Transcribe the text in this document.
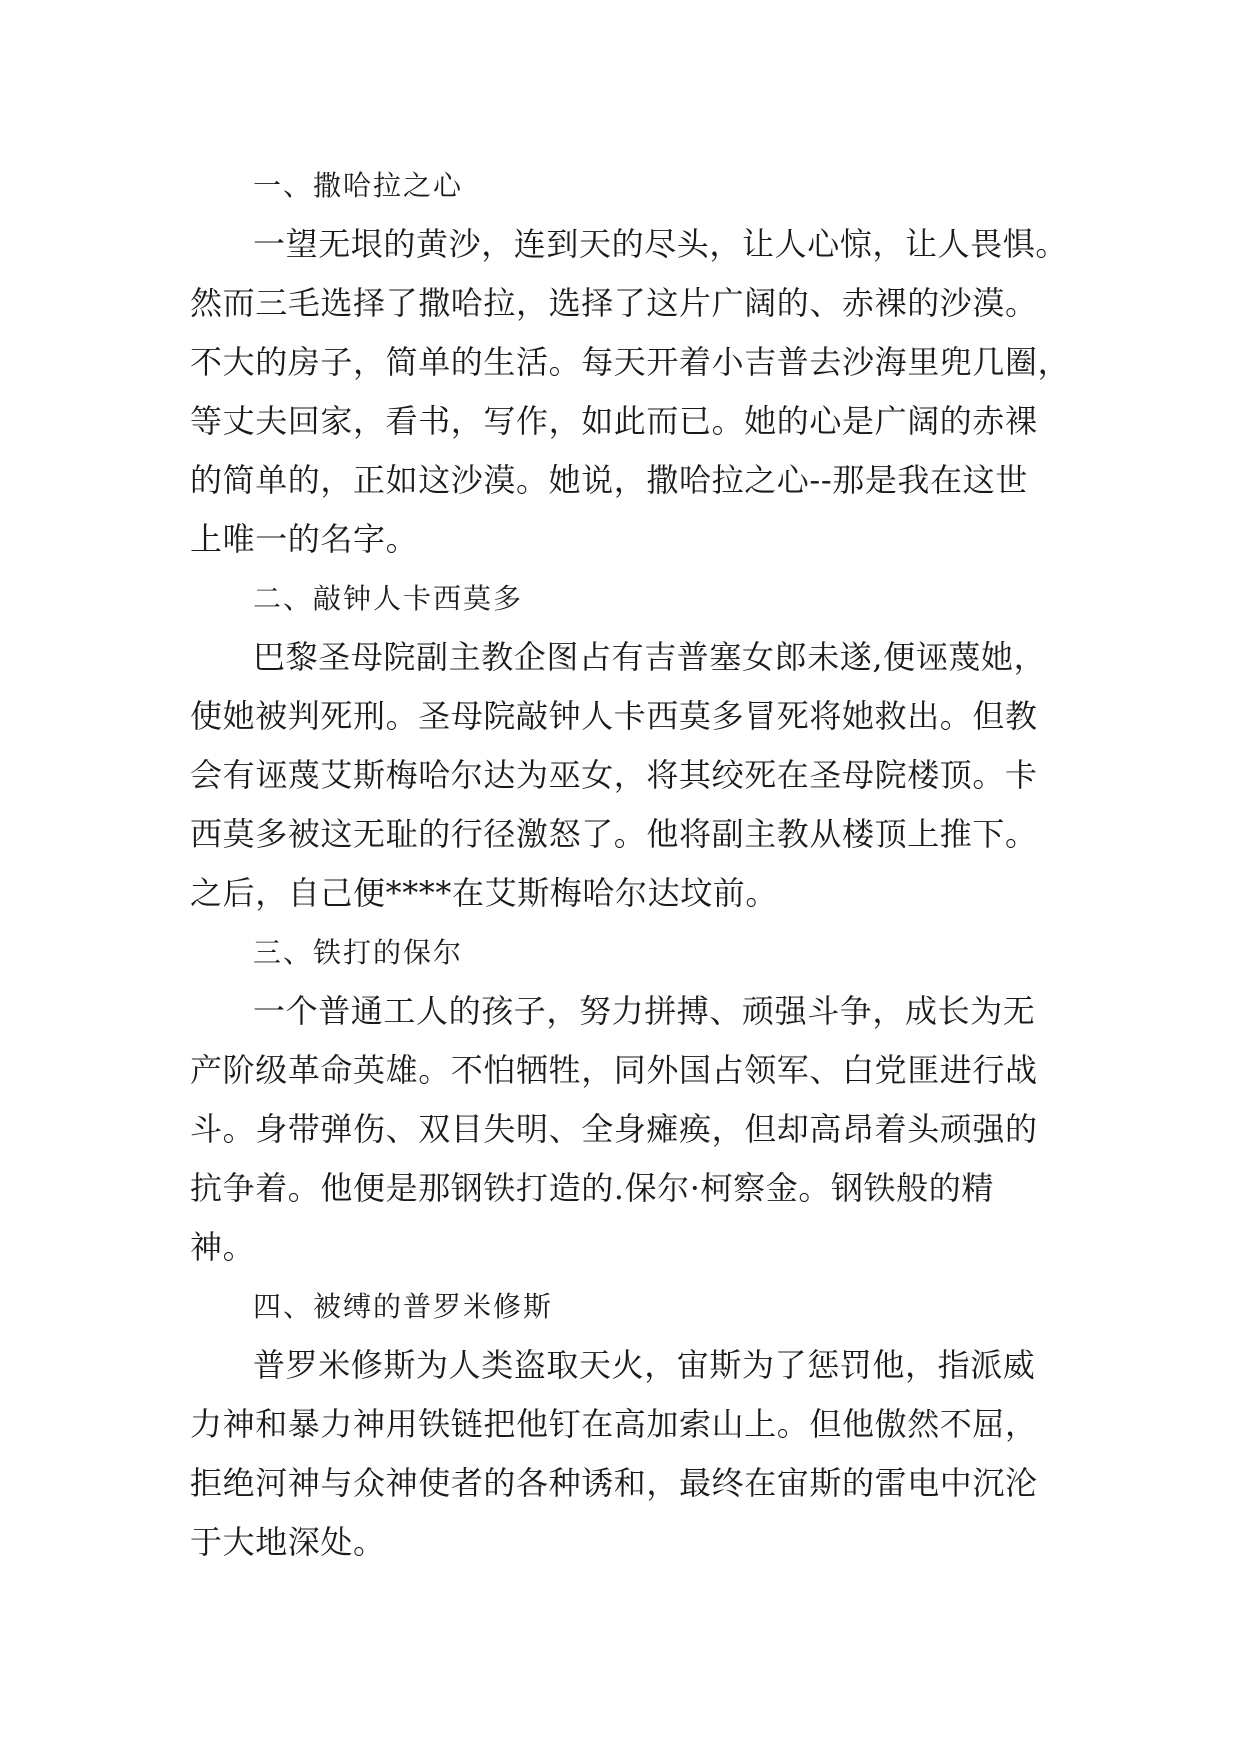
一、撒哈拉之心
一望无垠的黄沙，连到天的尽头，让人心惊，让人畏惧。
然而三毛选择了撒哈拉，选择了这片广阔的、赤裸的沙漠。
不大的房子，简单的生活。每天开着小吉普去沙海里兜几圈，
等丈夫回家，看书，写作，如此而已。她的心是广阔的赤裸
的简单的，正如这沙漠。她说，撒哈拉之心--那是我在这世
上唯一的名字。
二、敲钟人卡西莫多
巴黎圣母院副主教企图占有吉普塞女郎未遂,便诬蔑她，
使她被判死刑。圣母院敲钟人卡西莫多冒死将她救出。但教
会有诬蔑艾斯梅哈尔达为巫女，将其绞死在圣母院楼顶。卡
西莫多被这无耻的行径激怒了。他将副主教从楼顶上推下。
之后，自己便****在艾斯梅哈尔达坟前。
三、铁打的保尔
一个普通工人的孩子，努力拼搏、顽强斗争，成长为无
产阶级革命英雄。不怕牺牲，同外国占领军、白党匪进行战
斗。身带弹伤、双目失明、全身瘫痪，但却高昂着头顽强的
抗争着。他便是那钢铁打造的.保尔·柯察金。钢铁般的精
神。
四、被缚的普罗米修斯
普罗米修斯为人类盗取天火，宙斯为了惩罚他，指派威
力神和暴力神用铁链把他钉在高加索山上。但他傲然不屈，
拒绝河神与众神使者的各种诱和，最终在宙斯的雷电中沉沦
于大地深处。
